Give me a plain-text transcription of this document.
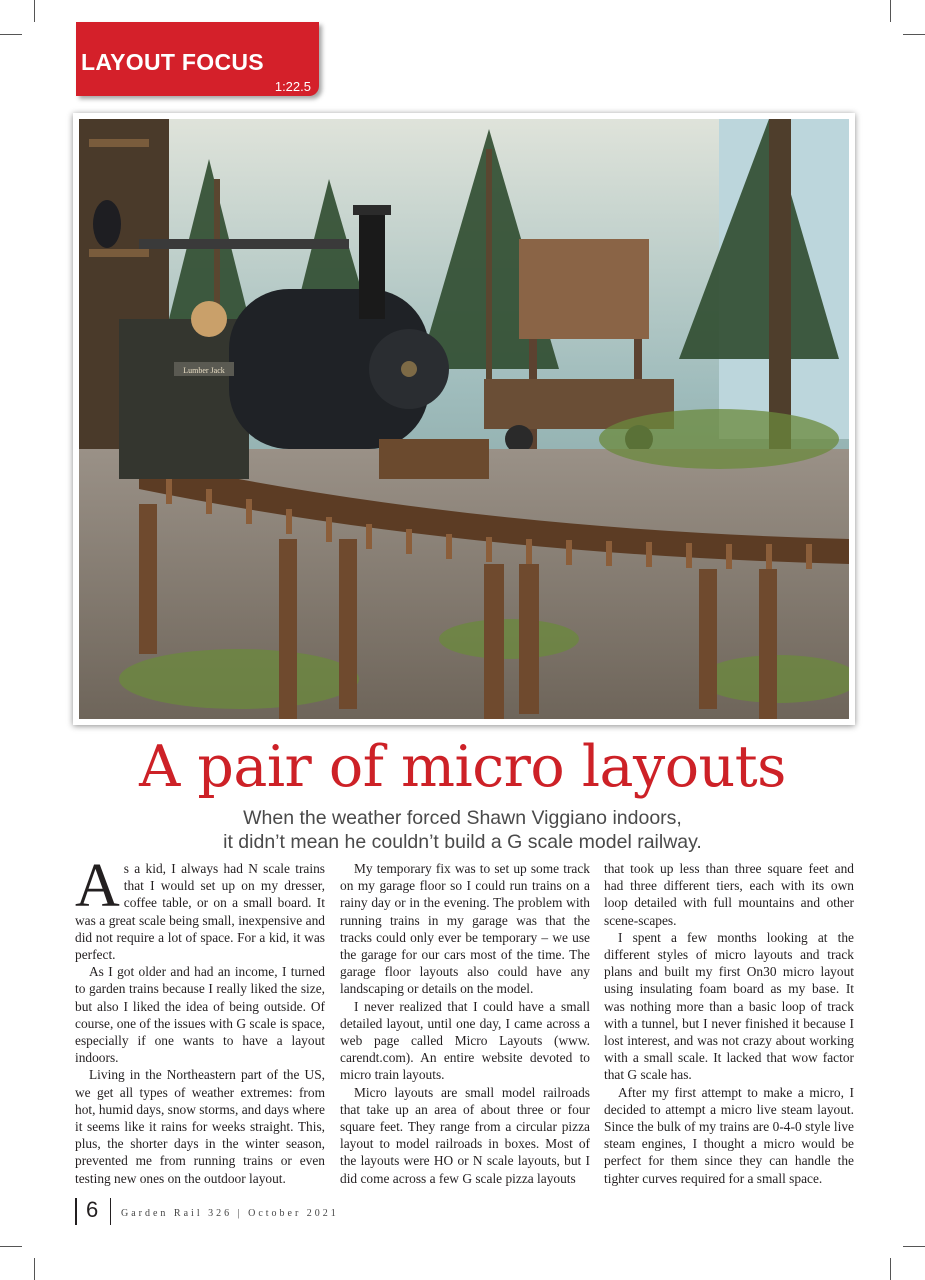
LAYOUT FOCUS
1:22.5
Lumber Jack
A pair of micro layouts
When the weather forced Shawn Viggiano indoors,
it didn’t mean he couldn’t build a G scale model railway.

As a kid, I always had N scale trains that I would set up on my dresser, coffee table, or on a small board. It was a great scale being small, inexpensive and did not require a lot of space. For a kid, it was perfect.

As I got older and had an income, I turned to garden trains because I really liked the size, but also I liked the idea of being outside. Of course, one of the issues with G scale is space, especially if one wants to have a layout indoors.

Living in the Northeastern part of the US, we get all types of weather extremes: from hot, humid days, snow storms, and days where it seems like it rains for weeks straight. This, plus, the shorter days in the winter season, prevented me from running trains or even testing new ones on the outdoor layout.

My temporary fix was to set up some track on my garage floor so I could run trains on a rainy day or in the evening. The problem with running trains in my garage was that the tracks could only ever be temporary – we use the garage for our cars most of the time. The garage floor layouts also could have any landscaping or details on the model.

I never realized that I could have a small detailed layout, until one day, I came across a web page called Micro Layouts (www. carendt.com). An entire website devoted to micro train layouts.

Micro layouts are small model railroads that take up an area of about three or four square feet. They range from a circular pizza layout to model railroads in boxes. Most of the layouts were HO or N scale layouts, but I did come across a few G scale pizza layouts

that took up less than three square feet and had three different tiers, each with its own loop detailed with full mountains and other scene-scapes.

I spent a few months looking at the different styles of micro layouts and track plans and built my first On30 micro layout using insulating foam board as my base. It was nothing more than a basic loop of track with a tunnel, but I never finished it because I lost interest, and was not crazy about working with a small scale. It lacked that wow factor that G scale has.

After my first attempt to make a micro, I decided to attempt a micro live steam layout. Since the bulk of my trains are 0-4-0 style live steam engines, I thought a micro would be perfect for them since they can handle the tighter curves required for a small space.

6 Garden Rail 326 | October 2021
